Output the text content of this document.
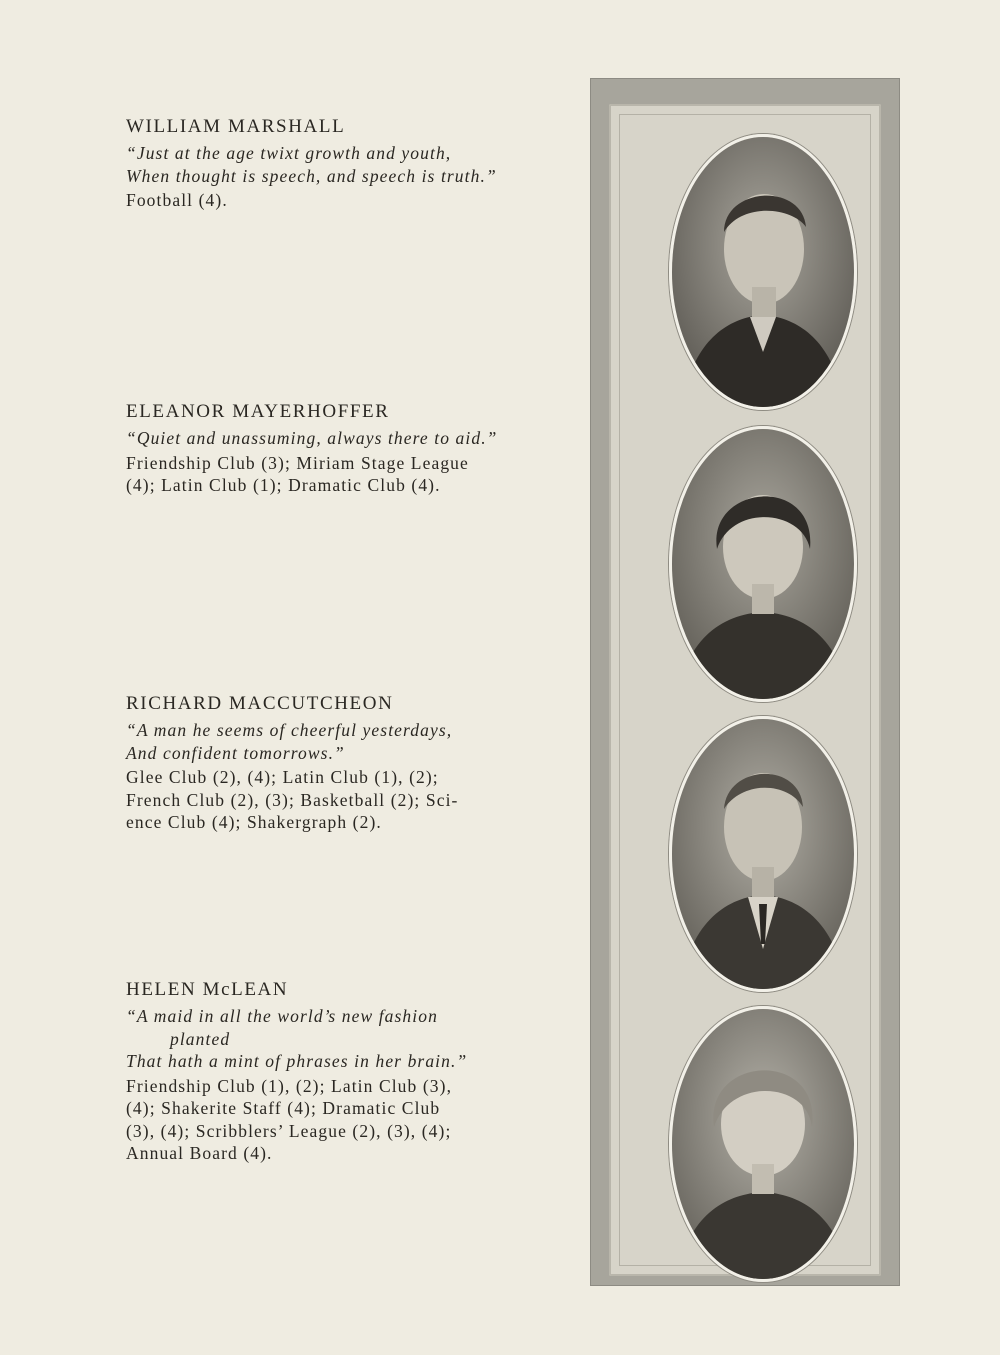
WILLIAM MARSHALL
“Just at the age twixt growth and youth,
When thought is speech, and speech is truth.”
Football (4).
ELEANOR MAYERHOFFER
“Quiet and unassuming, always there to aid.”
Friendship Club (3); Miriam Stage League
(4); Latin Club (1); Dramatic Club (4).
RICHARD MACCUTCHEON
“A man he seems of cheerful yesterdays,
And confident tomorrows.”
Glee Club (2), (4); Latin Club (1), (2);
French Club (2), (3); Basketball (2); Sci-
ence Club (4); Shakergraph (2).
HELEN McLEAN
“A maid in all the world’s new fashion
planted
That hath a mint of phrases in her brain.”
Friendship Club (1), (2); Latin Club (3),
(4); Shakerite Staff (4); Dramatic Club
(3), (4); Scribblers’ League (2), (3), (4);
Annual Board (4).
